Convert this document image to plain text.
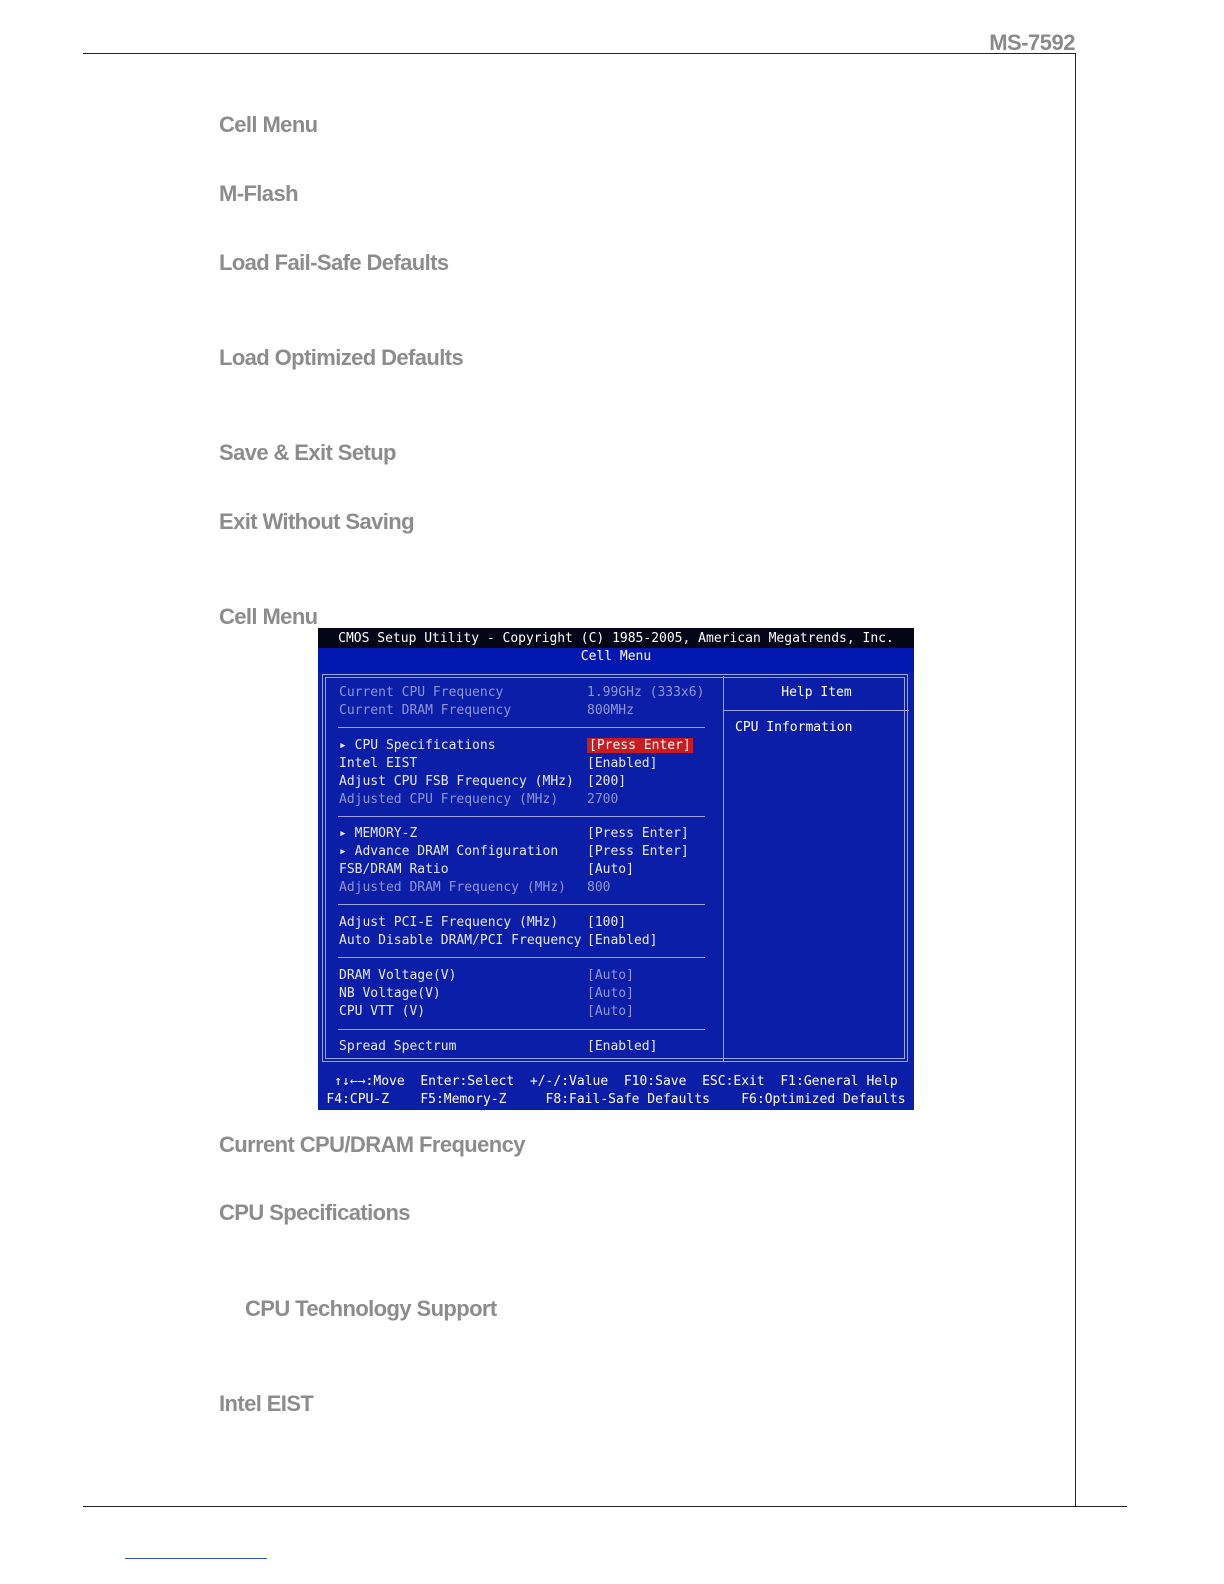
MS-7592
Cell Menu
M-Flash
Load Fail-Safe Defaults
Load Optimized Defaults
Save & Exit Setup
Exit Without Saving
Cell Menu
CMOS Setup Utility - Copyright (C) 1985-2005, American Megatrends, Inc.
Cell Menu
Help Item
CPU Information
Current CPU Frequency	1.99GHz (333x6)
Current DRAM Frequency	800MHz
▸ CPU Specifications	[Press Enter]
Intel EIST	[Enabled]
Adjust CPU FSB Frequency (MHz) [200]
Adjusted CPU Frequency (MHz) 2700
▸ MEMORY-Z	[Press Enter]
▸ Advance DRAM Configuration [Press Enter]
FSB/DRAM Ratio	[Auto]
Adjusted DRAM Frequency (MHz) 800
Adjust PCI-E Frequency (MHz) [100]
Auto Disable DRAM/PCI Frequency [Enabled]
DRAM Voltage(V)	[Auto]
NB Voltage(V)	[Auto]
CPU VTT (V)	[Auto]
Spread Spectrum	[Enabled]
↑↓←→:Move  Enter:Select  +/-/:Value  F10:Save  ESC:Exit  F1:General Help
F4:CPU-Z    F5:Memory-Z     F8:Fail-Safe Defaults    F6:Optimized Defaults
Current CPU/DRAM Frequency
CPU Specifications
CPU Technology Support
Intel EIST
